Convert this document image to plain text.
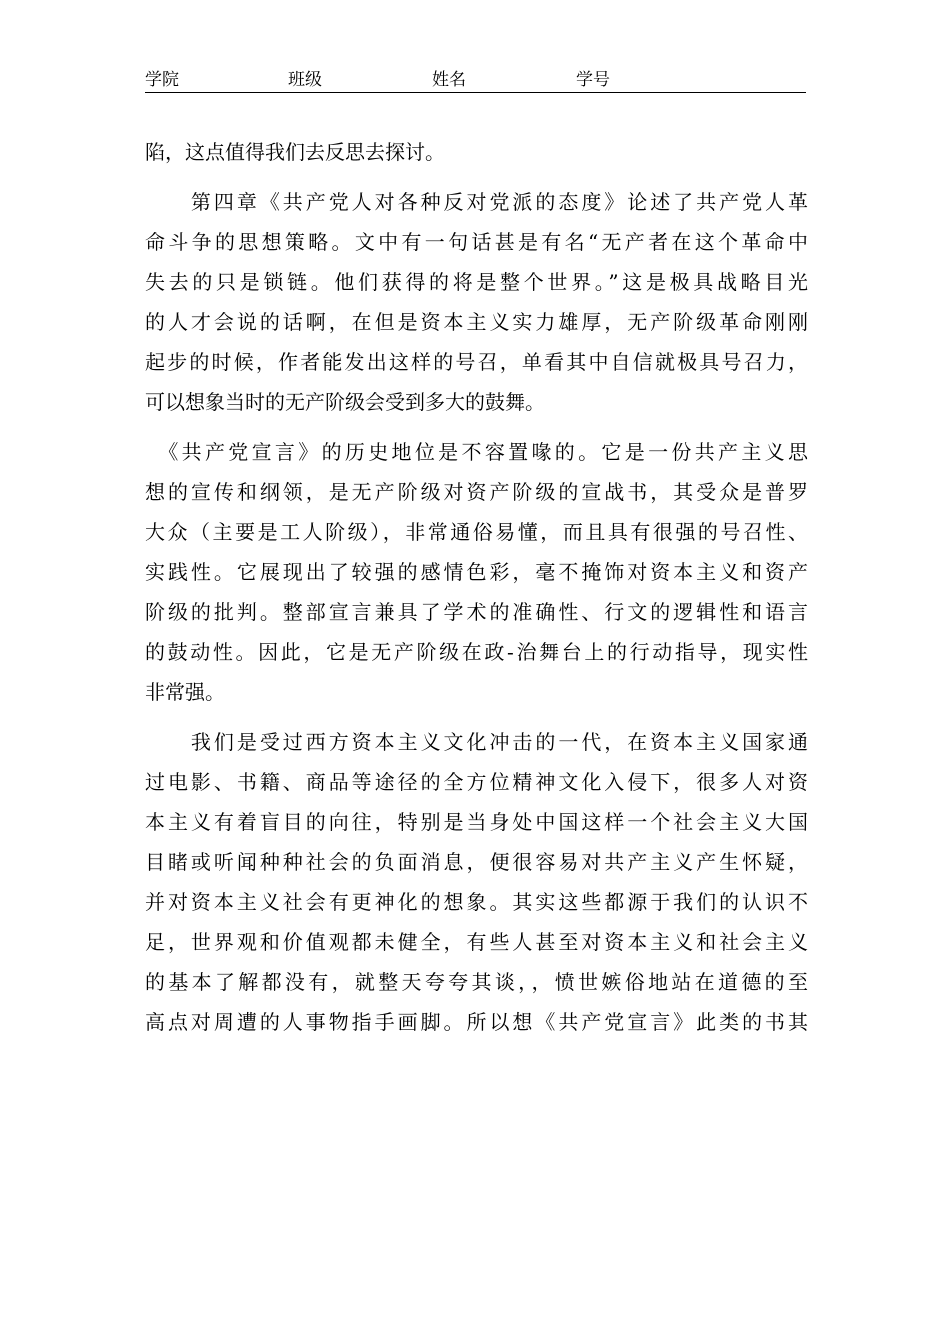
学院	班级	姓名	学号

陷，这点值得我们去反思去探讨。

　　第四章《共产党人对各种反对党派的态度》论述了共产党人革
命斗争的思想策略。文中有一句话甚是有名“无产者在这个革命中
失去的只是锁链。他们获得的将是整个世界。”这是极具战略目光
的人才会说的话啊，在但是资本主义实力雄厚，无产阶级革命刚刚
起步的时候，作者能发出这样的号召，单看其中自信就极具号召力，
可以想象当时的无产阶级会受到多大的鼓舞。

　《共产党宣言》的历史地位是不容置喙的。它是一份共产主义思
想的宣传和纲领，是无产阶级对资产阶级的宣战书，其受众是普罗
大众（主要是工人阶级），非常通俗易懂，而且具有很强的号召性、
实践性。它展现出了较强的感情色彩，毫不掩饰对资本主义和资产
阶级的批判。整部宣言兼具了学术的准确性、行文的逻辑性和语言
的鼓动性。因此，它是无产阶级在政-治舞台上的行动指导，现实性
非常强。

　　我们是受过西方资本主义文化冲击的一代，在资本主义国家通
过电影、书籍、商品等途径的全方位精神文化入侵下，很多人对资
本主义有着盲目的向往，特别是当身处中国这样一个社会主义大国
目睹或听闻种种社会的负面消息，便很容易对共产主义产生怀疑，
并对资本主义社会有更神化的想象。其实这些都源于我们的认识不
足，世界观和价值观都未健全，有些人甚至对资本主义和社会主义
的基本了解都没有，就整天夸夸其谈，，愤世嫉俗地站在道德的至
高点对周遭的人事物指手画脚。所以想《共产党宣言》此类的书其
